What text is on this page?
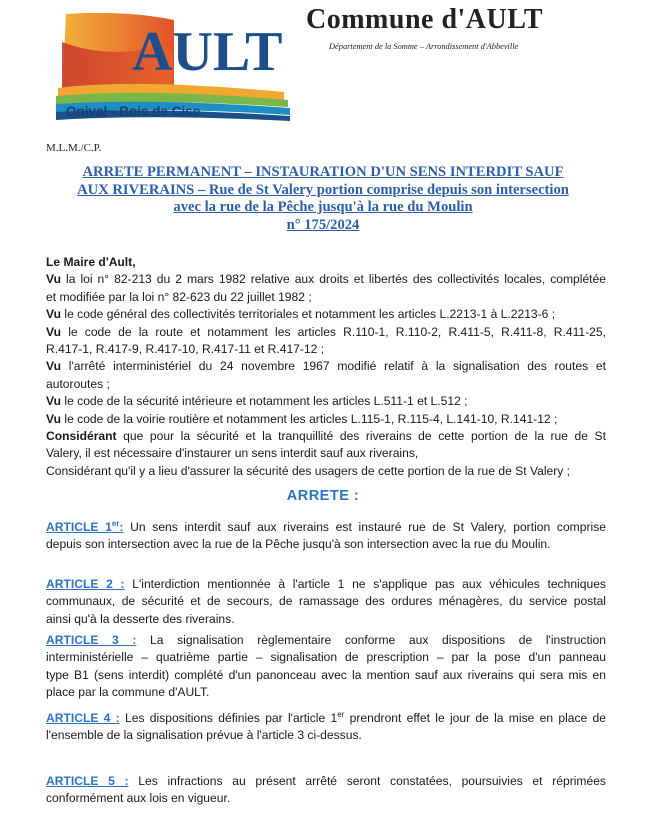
AULT
Onival - Bois de Cise
Commune d'AULT
Département de la Somme – Arrondissement d'Abbeville
M.L.M./C.P.
ARRETE PERMANENT – INSTAURATION D'UN SENS INTERDIT SAUF
AUX RIVERAINS – Rue de St Valery portion comprise depuis son intersection
avec la rue de la Pêche jusqu'à la rue du Moulin
n° 175/2024
Le Maire d'Ault,
Vu la loi n° 82-213 du 2 mars 1982 relative aux droits et libertés des collectivités locales, complétée
et modifiée par la loi n° 82-623 du 22 juillet 1982 ;
Vu le code général des collectivités territoriales et notamment les articles L.2213-1 à L.2213-6 ;
Vu le code de la route et notamment les articles R.110-1, R.110-2, R.411-5, R.411-8, R.411-25,
R.417-1, R.417-9, R.417-10, R.417-11 et R.417-12 ;
Vu l'arrêté interministériel du 24 novembre 1967 modifié relatif à la signalisation des routes et
autoroutes ;
Vu le code de la sécurité intérieure et notamment les articles L.511-1 et L.512 ;
Vu le code de la voirie routière et notamment les articles L.115-1, R.115-4, L.141-10, R.141-12 ;
Considérant que pour la sécurité et la tranquillité des riverains de cette portion de la rue de St
Valery, il est nécessaire d'instaurer un sens interdit sauf aux riverains,
Considérant qu'il y a lieu d'assurer la sécurité des usagers de cette portion de la rue de St Valery ;
ARRETE :
ARTICLE 1er: Un sens interdit sauf aux riverains est instauré rue de St Valery, portion comprise
depuis son intersection avec la rue de la Pêche jusqu'à son intersection avec la rue du Moulin.
ARTICLE 2 : L'interdiction mentionnée à l'article 1 ne s'applique pas aux véhicules techniques
communaux, de sécurité et de secours, de ramassage des ordures ménagères, du service postal
ainsi qu'à la desserte des riverains.
ARTICLE 3 : La signalisation règlementaire conforme aux dispositions de l'instruction
interministérielle – quatrième partie – signalisation de prescription – par la pose d'un panneau
type B1 (sens interdit) complété d'un panonceau avec la mention sauf aux riverains qui sera mis en
place par la commune d'AULT.
ARTICLE 4 : Les dispositions définies par l'article 1er prendront effet le jour de la mise en place de
l'ensemble de la signalisation prévue à l'article 3 ci-dessus.
ARTICLE 5 : Les infractions au présent arrêté seront constatées, poursuivies et réprimées
conformément aux lois en vigueur.
